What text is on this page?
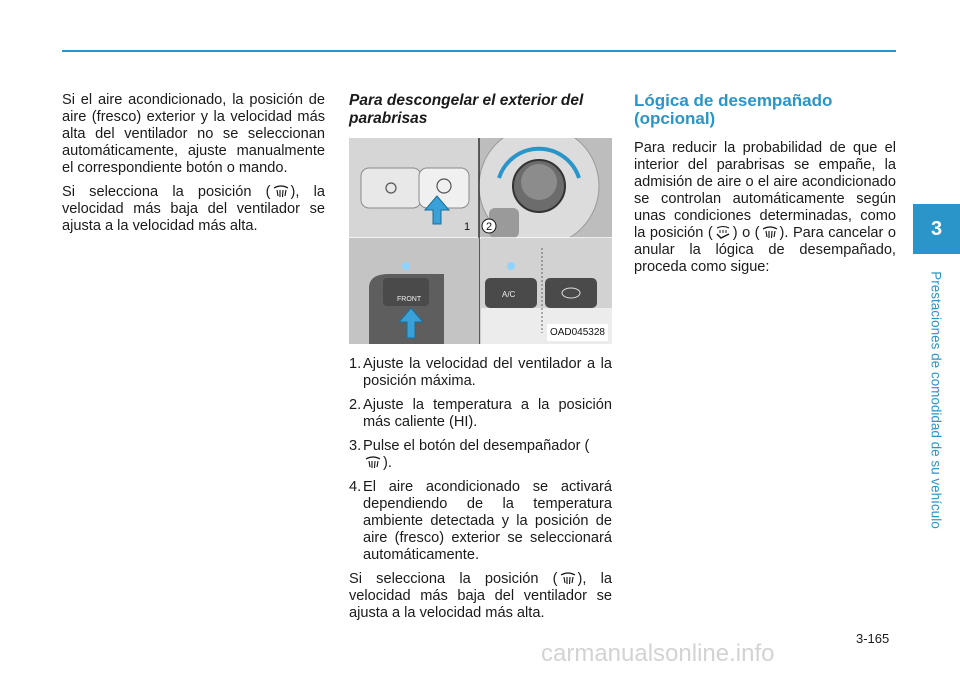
Si el aire acondicionado, la posición de aire (fresco) exterior y la velocidad más alta del ventilador no se seleccionan automáticamente, ajuste manualmente el correspondiente botón o mando.

Si selecciona la posición ( ), la velocidad más baja del ventilador se ajusta a la velocidad más alta.

Para descongelar el exterior del parabrisas
1 2
FRONT
A/C
OAD045328
1. Ajuste la velocidad del ventilador a la posición máxima.
2. Ajuste la temperatura a la posición más caliente (HI).
3. Pulse el botón del desempañador (
).
4. El aire acondicionado se activará dependiendo de la temperatura ambiente detectada y la posición de aire (fresco) exterior se seleccionará automáticamente.

Si selecciona la posición ( ), la velocidad más baja del ventilador se ajusta a la velocidad más alta.

Lógica de desempañado (opcional)

Para reducir la probabilidad de que el interior del parabrisas se empañe, la admisión de aire o el aire acondicionado se controlan automáticamente según unas condiciones determinadas, como la posición ( ) o ( ). Para cancelar o anular la lógica de desempañado, proceda como sigue:

3
Prestaciones de comodidad de su vehículo
3-165
carmanualsonline.info
